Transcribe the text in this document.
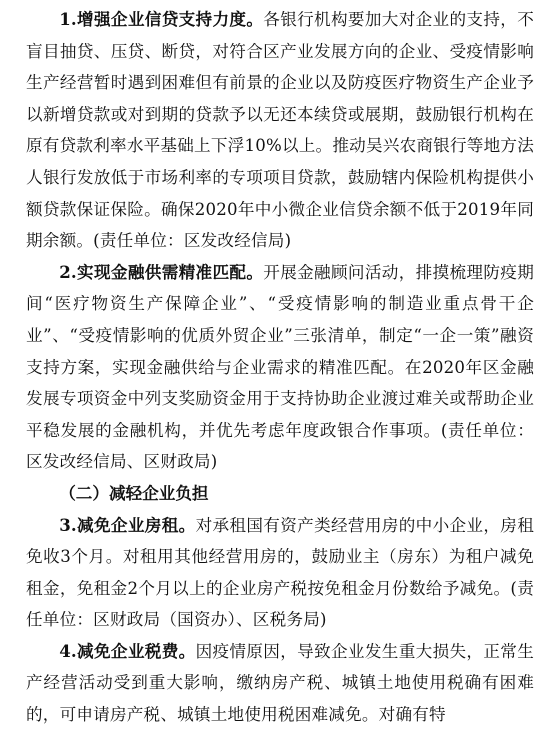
1.增强企业信贷支持力度。各银行机构要加大对企业的支持，不盲目抽贷、压贷、断贷，对符合区产业发展方向的企业、受疫情影响生产经营暂时遇到困难但有前景的企业以及防疫医疗物资生产企业予以新增贷款或对到期的贷款予以无还本续贷或展期，鼓励银行机构在原有贷款利率水平基础上下浮10%以上。推动吴兴农商银行等地方法人银行发放低于市场利率的专项项目贷款，鼓励辖内保险机构提供小额贷款保证保险。确保2020年中小微企业信贷余额不低于2019年同期余额。(责任单位：区发改经信局)

2.实现金融供需精准匹配。开展金融顾问活动，排摸梳理防疫期间“医疗物资生产保障企业”、“受疫情影响的制造业重点骨干企业”、“受疫情影响的优质外贸企业”三张清单，制定“一企一策”融资支持方案，实现金融供给与企业需求的精准匹配。在2020年区金融发展专项资金中列支奖励资金用于支持协助企业渡过难关或帮助企业平稳发展的金融机构，并优先考虑年度政银合作事项。(责任单位：区发改经信局、区财政局)

（二）减轻企业负担

3.减免企业房租。对承租国有资产类经营用房的中小企业，房租免收3个月。对租用其他经营用房的，鼓励业主（房东）为租户减免租金，免租金2个月以上的企业房产税按免租金月份数给予减免。(责任单位：区财政局（国资办）、区税务局)

4.减免企业税费。因疫情原因，导致企业发生重大损失，正常生产经营活动受到重大影响，缴纳房产税、城镇土地使用税确有困难的，可申请房产税、城镇土地使用税困难减免。对确有特
